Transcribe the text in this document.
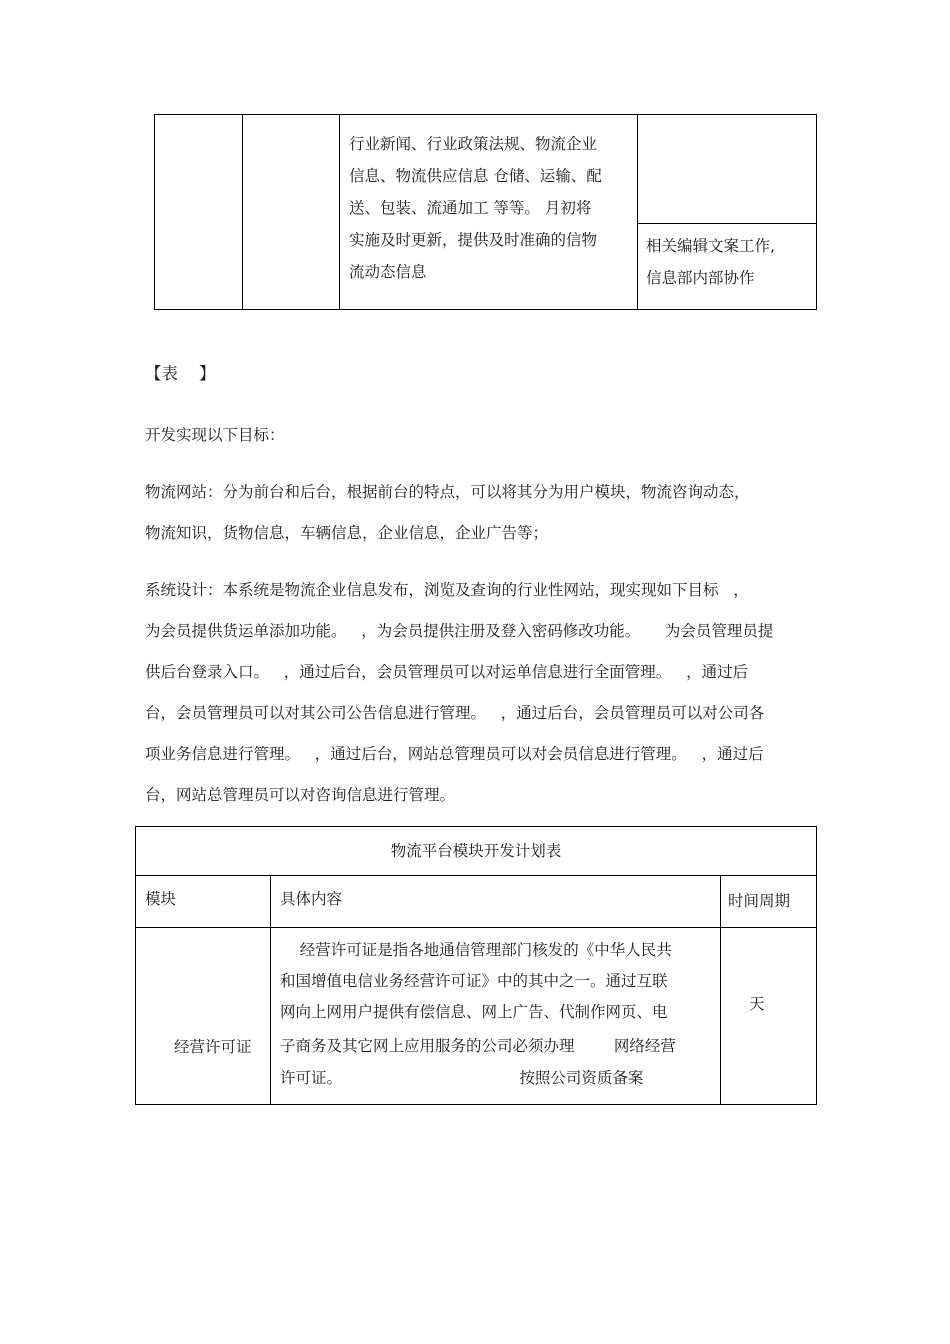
行业新闻、行业政策法规、物流企业
信息、物流供应信息 仓储、运输、配
送、包装、流通加工 等等。 月初将
实施及时更新，提供及时准确的信物
流动态信息
相关编辑文案工作,
信息部内部协作
【表    】
开发实现以下目标：
物流网站：分为前台和后台，根据前台的特点，可以将其分为用户模块，物流咨询动态，
物流知识，货物信息，车辆信息，企业信息，企业广告等；
系统设计：本系统是物流企业信息发布，浏览及查询的行业性网站，现实现如下目标   ，
为会员提供货运单添加功能。   ，为会员提供注册及登入密码修改功能。     为会员管理员提
供后台登录入口。   ，通过后台，会员管理员可以对运单信息进行全面管理。   ，通过后
台，会员管理员可以对其公司公告信息进行管理。   ，通过后台，会员管理员可以对公司各
项业务信息进行管理。   ，通过后台，网站总管理员可以对会员信息进行管理。   ，通过后
台，网站总管理员可以对咨询信息进行管理。
物流平台模块开发计划表
模块	具体内容	时间周期
经营许可证
经营许可证是指各地通信管理部门核发的《中华人民共
和国增值电信业务经营许可证》中的其中之一。通过互联
网向上网用户提供有偿信息、网上广告、代制作网页、电
子商务及其它网上应用服务的公司必须办理        网络经营
许可证。                                    按照公司资质备案
天
